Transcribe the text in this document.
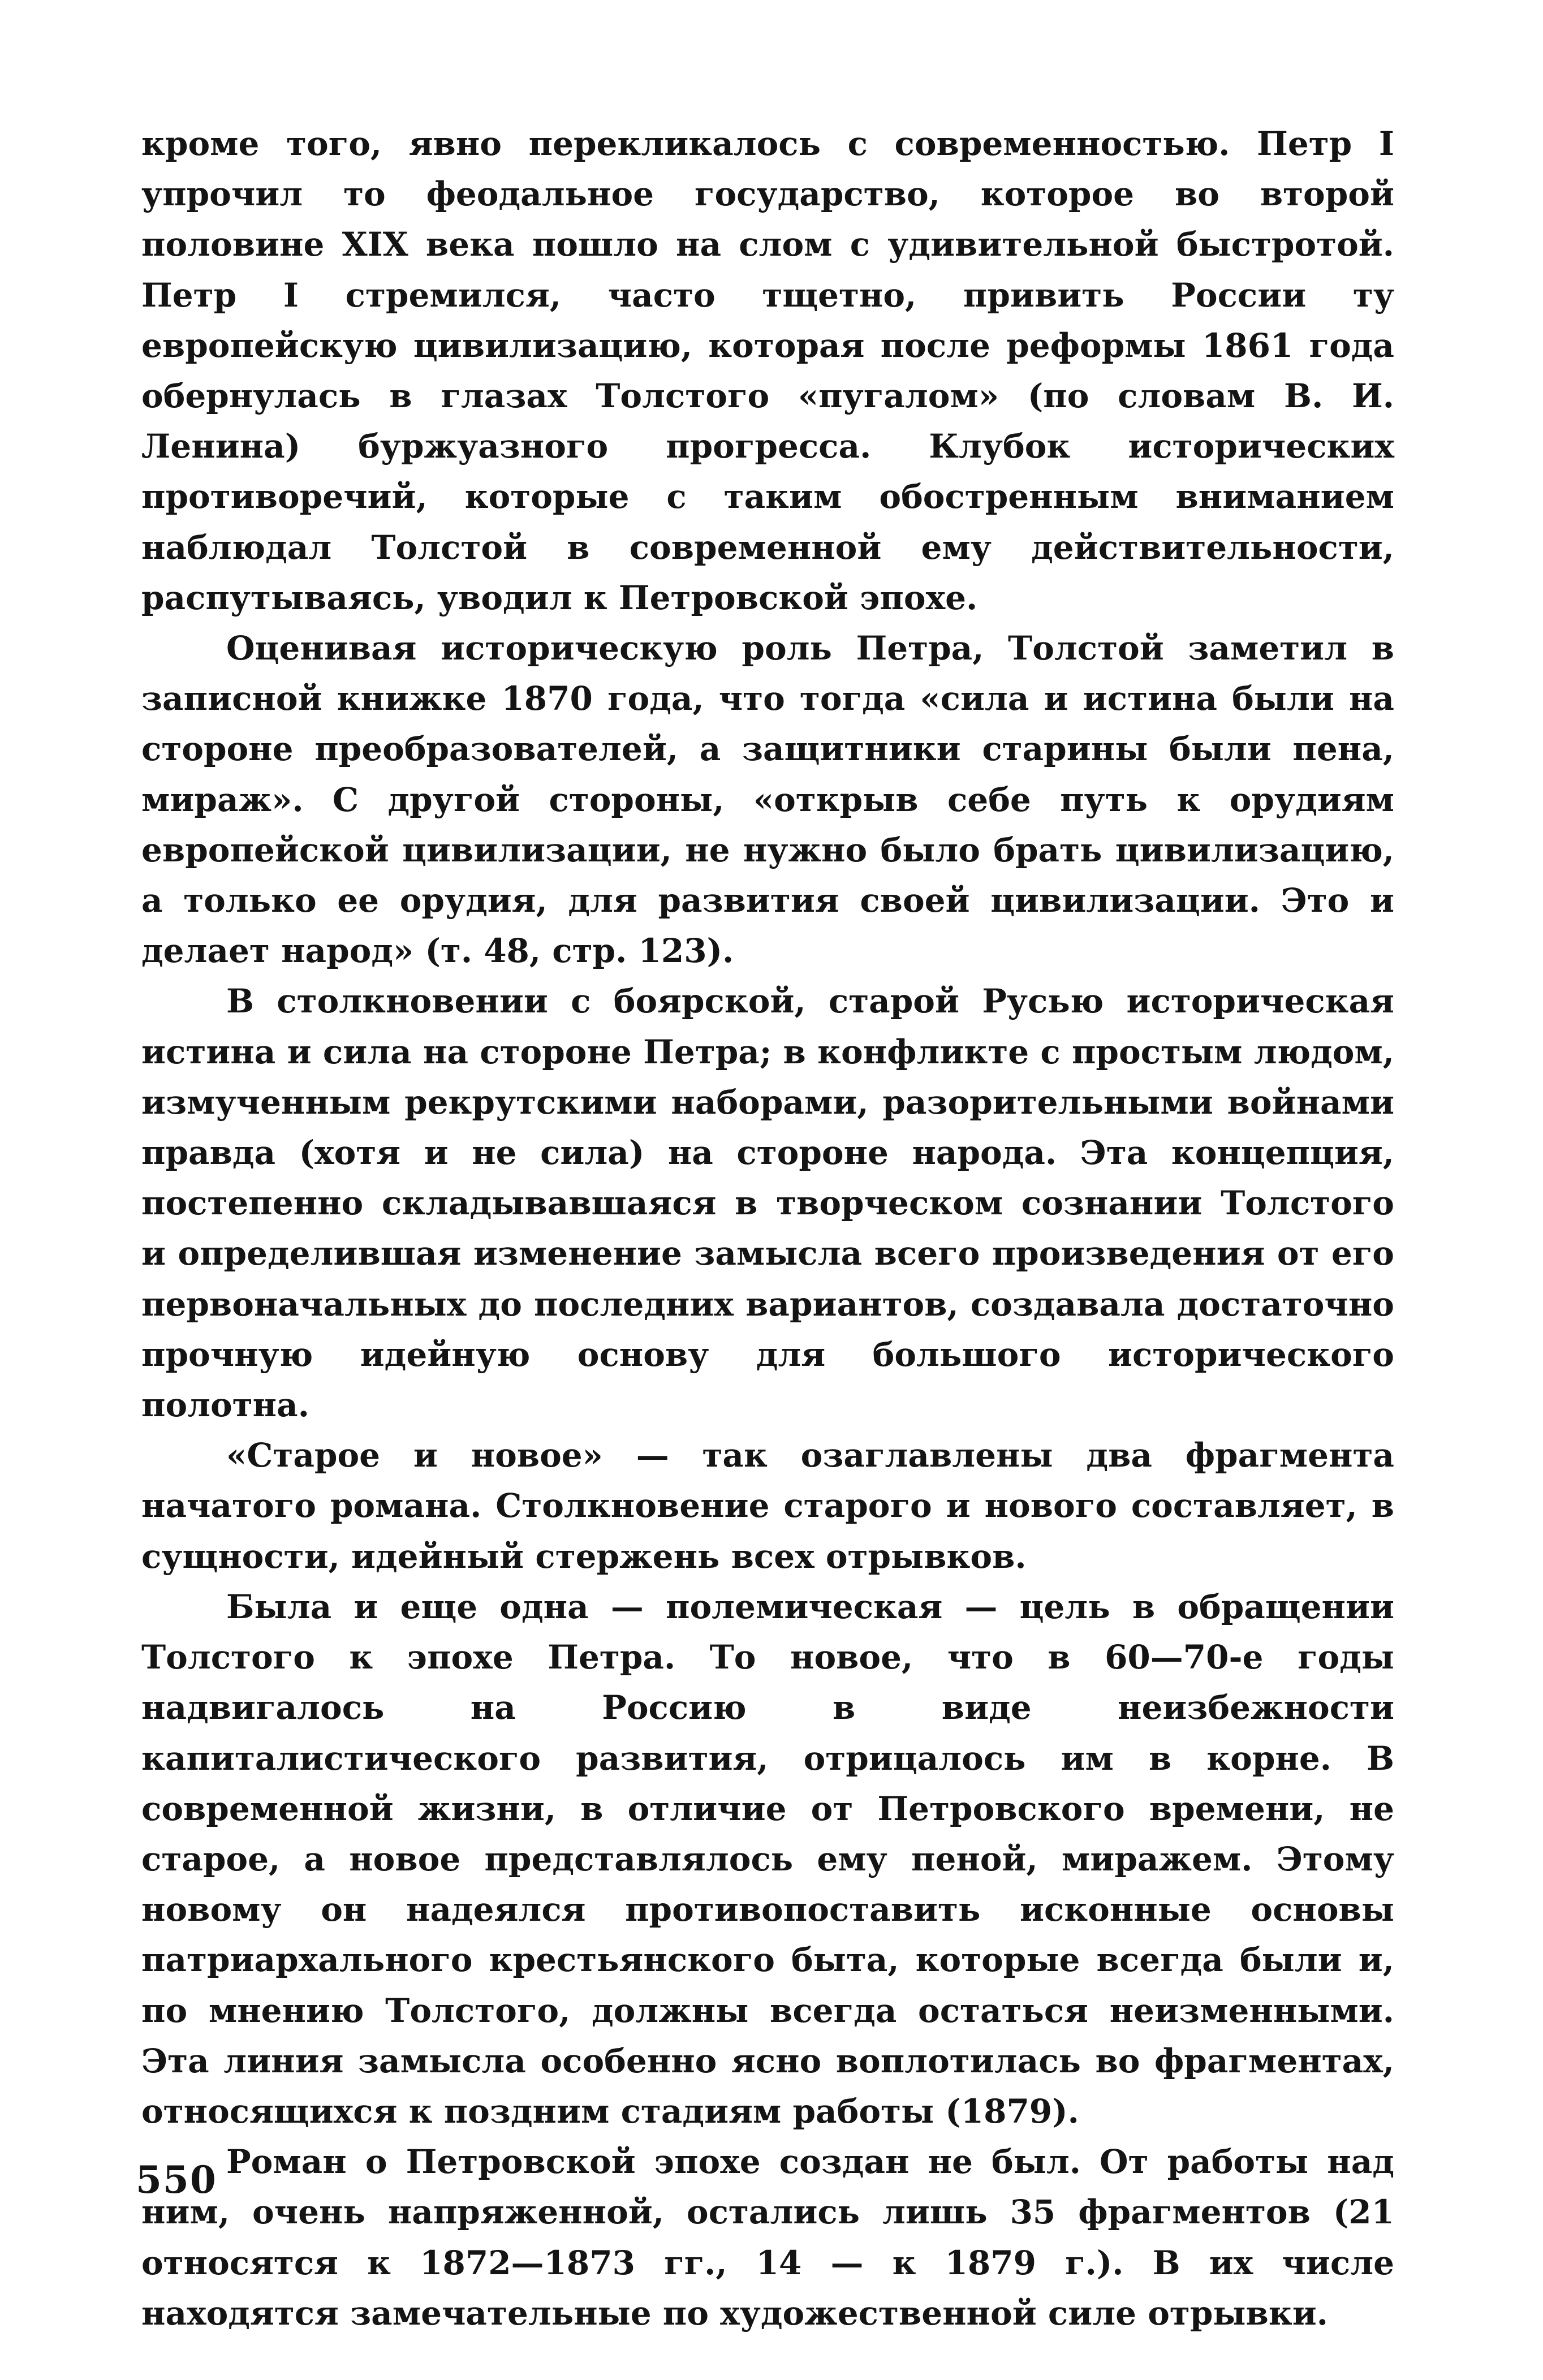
кроме того, явно перекликалось с современностью. Петр I упрочил то феодальное государство, которое во второй половине XIX века пошло на слом с удивительной быстротой. Петр I стремился, часто тщетно, привить России ту европейскую цивилизацию, которая после реформы 1861 года обернулась в глазах Толстого «пугалом» (по словам В. И. Ленина) буржуазного прогресса. Клубок исторических противоречий, которые с таким обостренным вниманием наблюдал Толстой в современной ему действительности, распутываясь, уводил к Петровской эпохе.

Оценивая историческую роль Петра, Толстой заметил в записной книжке 1870 года, что тогда «сила и истина были на стороне преобразователей, а защитники старины были пена, мираж». С другой стороны, «открыв себе путь к орудиям европейской цивилизации, не нужно было брать цивилизацию, а только ее орудия, для развития своей цивилизации. Это и делает народ» (т. 48, стр. 123).

В столкновении с боярской, старой Русью историческая истина и сила на стороне Петра; в конфликте с простым людом, измученным рекрутскими наборами, разорительными войнами правда (хотя и не сила) на стороне народа. Эта концепция, постепенно складывавшаяся в творческом сознании Толстого и определившая изменение замысла всего произведения от его первоначальных до последних вариантов, создавала достаточно прочную идейную основу для большого исторического полотна.

«Старое и новое» — так озаглавлены два фрагмента начатого романа. Столкновение старого и нового составляет, в сущности, идейный стержень всех отрывков.

Была и еще одна — полемическая — цель в обращении Толстого к эпохе Петра. То новое, что в 60—70-е годы надвигалось на Россию в виде неизбежности капиталистического развития, отрицалось им в корне. В современной жизни, в отличие от Петровского времени, не старое, а новое представлялось ему пеной, миражем. Этому новому он надеялся противопоставить исконные основы патриархального крестьянского быта, которые всегда были и, по мнению Толстого, должны всегда остаться неизменными. Эта линия замысла особенно ясно воплотилась во фрагментах, относящихся к поздним стадиям работы (1879).

Роман о Петровской эпохе создан не был. От работы над ним, очень напряженной, остались лишь 35 фрагментов (21 относятся к 1872—1873 гг., 14 — к 1879 г.). В их числе находятся замечательные по художественной силе отрывки.

550
